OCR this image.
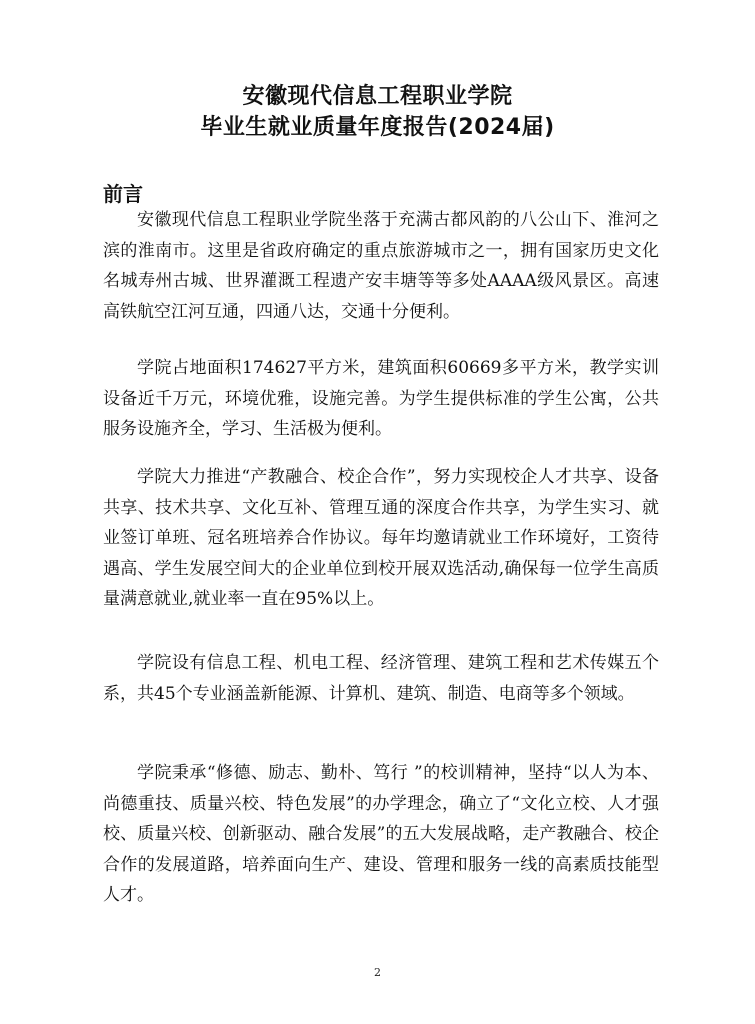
安徽现代信息工程职业学院
毕业生就业质量年度报告(2024届)
前言

安徽现代信息工程职业学院坐落于充满古都风韵的八公山下、淮河之滨的淮南市。这里是省政府确定的重点旅游城市之一，拥有国家历史文化名城寿州古城、世界灌溉工程遗产安丰塘等等多处AAAA级风景区。高速高铁航空江河互通，四通八达，交通十分便利。

学院占地面积174627平方米，建筑面积60669多平方米，教学实训设备近千万元，环境优雅，设施完善。为学生提供标准的学生公寓，公共服务设施齐全，学习、生活极为便利。

学院大力推进“产教融合、校企合作”，努力实现校企人才共享、设备共享、技术共享、文化互补、管理互通的深度合作共享，为学生实习、就业签订单班、冠名班培养合作协议。每年均邀请就业工作环境好，工资待遇高、学生发展空间大的企业单位到校开展双选活动,确保每一位学生高质量满意就业,就业率一直在95%以上。

学院设有信息工程、机电工程、经济管理、建筑工程和艺术传媒五个系，共45个专业涵盖新能源、计算机、建筑、制造、电商等多个领域。

学院秉承“修德、励志、勤朴、笃行 ”的校训精神，坚持“以人为本、尚德重技、质量兴校、特色发展”的办学理念，确立了“文化立校、人才强校、质量兴校、创新驱动、融合发展”的五大发展战略，走产教融合、校企合作的发展道路，培养面向生产、建设、管理和服务一线的高素质技能型人才。

2
